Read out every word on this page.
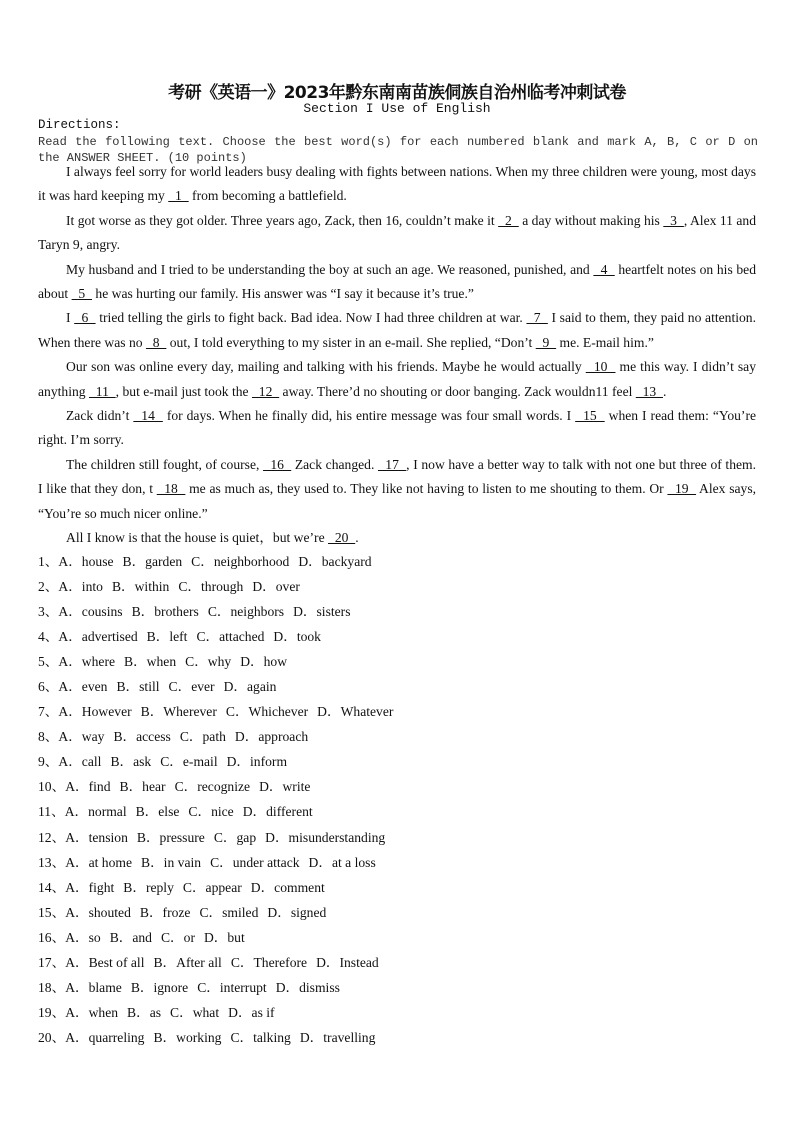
考研《英语一》2023年黔东南南苗族侗族自治州临考冲刺试卷
Section I Use of English
Directions:
Read the following text. Choose the best word(s) for each numbered blank and mark A, B, C or D on the ANSWER SHEET. (10 points)

I always feel sorry for world leaders busy dealing with fights between nations. When my three children were young, most days it was hard keeping my   1   from becoming a battlefield.

It got worse as they got older. Three years ago, Zack, then 16, couldn’t make it   2   a day without making his   3  , Alex 11 and Taryn 9, angry.

My husband and I tried to be understanding the boy at such an age. We reasoned, punished, and   4   heartfelt notes on his bed about   5   he was hurting our family. His answer was “I say it because it’s true.”

I   6   tried telling the girls to fight back. Bad idea. Now I had three children at war.   7   I said to them, they paid no attention. When there was no   8   out, I told everything to my sister in an e-mail. She replied, “Don’t   9   me. E-mail him.”

Our son was online every day, mailing and talking with his friends. Maybe he would actually   10   me this way. I didn’t say anything   11  , but e-mail just took the   12   away. There’d no shouting or door banging. Zack wouldn11 feel   13  .

Zack didn’t   14   for days. When he finally did, his entire message was four small words. I   15   when I read them: “You’re right. I’m sorry.

The children still fought, of course,   16   Zack changed.   17  , I now have a better way to talk with not one but three of them. I like that they don, t   18   me as much as, they used to. They like not having to listen to me shouting to them. Or   19   Alex says, “You’re so much nicer online.”

All I know is that the house is quiet，but we’re   20  .

1、A．house B．garden C．neighborhood D．backyard
2、A．into B．within C．through D．over
3、A．cousins B．brothers C．neighbors D．sisters
4、A．advertised B．left C．attached D．took
5、A．where B．when C．why D．how
6、A．even B．still C．ever D．again
7、A．However B．Wherever C．Whichever D．Whatever
8、A．way B．access C．path D．approach
9、A．call B．ask C．e-mail D．inform
10、A．find B．hear C．recognize D．write
11、A．normal B．else C．nice D．different
12、A．tension B．pressure C．gap D．misunderstanding
13、A．at home B．in vain C．under attack D．at a loss
14、A．fight B．reply C．appear D．comment
15、A．shouted B．froze C．smiled D．signed
16、A．so B．and C．or D．but
17、A．Best of all B．After all C．Therefore D．Instead
18、A．blame B．ignore C．interrupt D．dismiss
19、A．when B．as C．what D．as if
20、A．quarreling B．working C．talking D．travelling
